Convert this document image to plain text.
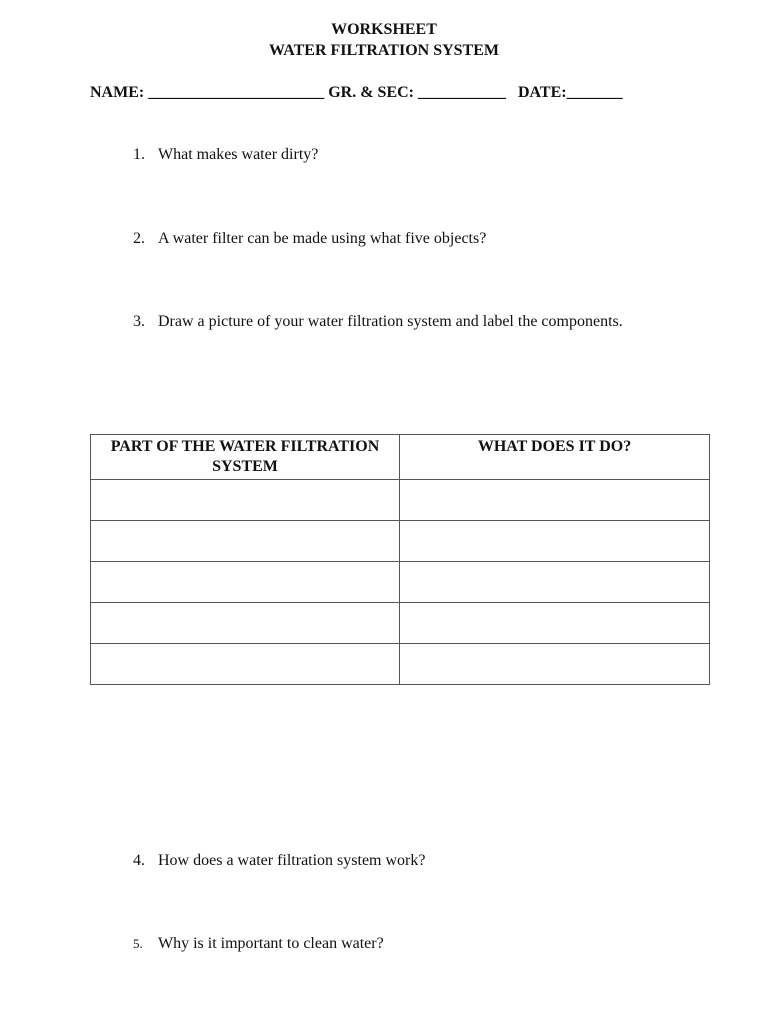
WORKSHEET
WATER FILTRATION SYSTEM
NAME: ______________________ GR. & SEC: ___________   DATE:_______
1. What makes water dirty?
2. A water filter can be made using what five objects?
3. Draw a picture of your water filtration system and label the components.
PART OF THE WATER FILTRATION SYSTEM	WHAT DOES IT DO?

4. How does a water filtration system work?
5. Why is it important to clean water?
